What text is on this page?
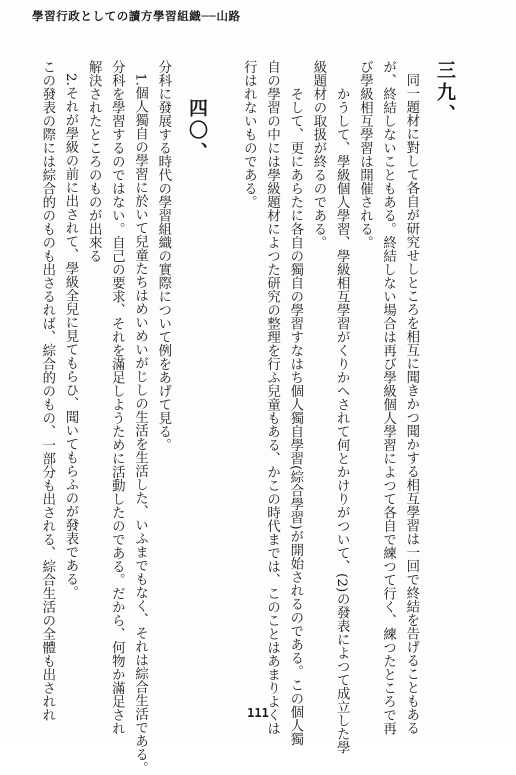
學習行政としての讀方學習組織──山路
三九、
同一題材に對して各自が研究せしところを相互に聞きかつ聞かする相互學習は一回で終結を告げることもある
が、終結しないこともある。終結しない場合は再び學級個人學習によつて各自で練つて行く、練つたところで再
び學級相互學習は開催される。
かうして、學級個人學習、學級相互學習がくりかへされて何とかけりがついて、(2)の發表によつて成立した學
級題材の取扱が終るのである。
そして、更にあらたに各自の獨自の學習すなはち個人獨自學習(綜合學習)が開始されるのである。この個人獨
自の學習の中には學級題材によつた研究の整理を行ふ兒童もある、かこの時代までは、このことはあまりよくは
行はれないものである。
四〇、
分科に發展する時代の學習組織の實際について例をあげて見る。
1.個人獨自の學習に於いて兒童たちはめいめいがじしの生活を生活した、いふまでもなく、それは綜合生活である。
分科を學習するのではない。自己の要求、それを滿足しようために活動したのである。だから、何物か滿足され
解決されたところのものが出來る
2.それが學級の前に出されて、學級全兒に見てもらひ、聞いてもらふのが發表である。
この發表の際には綜合的のものも出さるれば、綜合的のもの、一部分も出される、綜合生活の全體も出されれ	111
